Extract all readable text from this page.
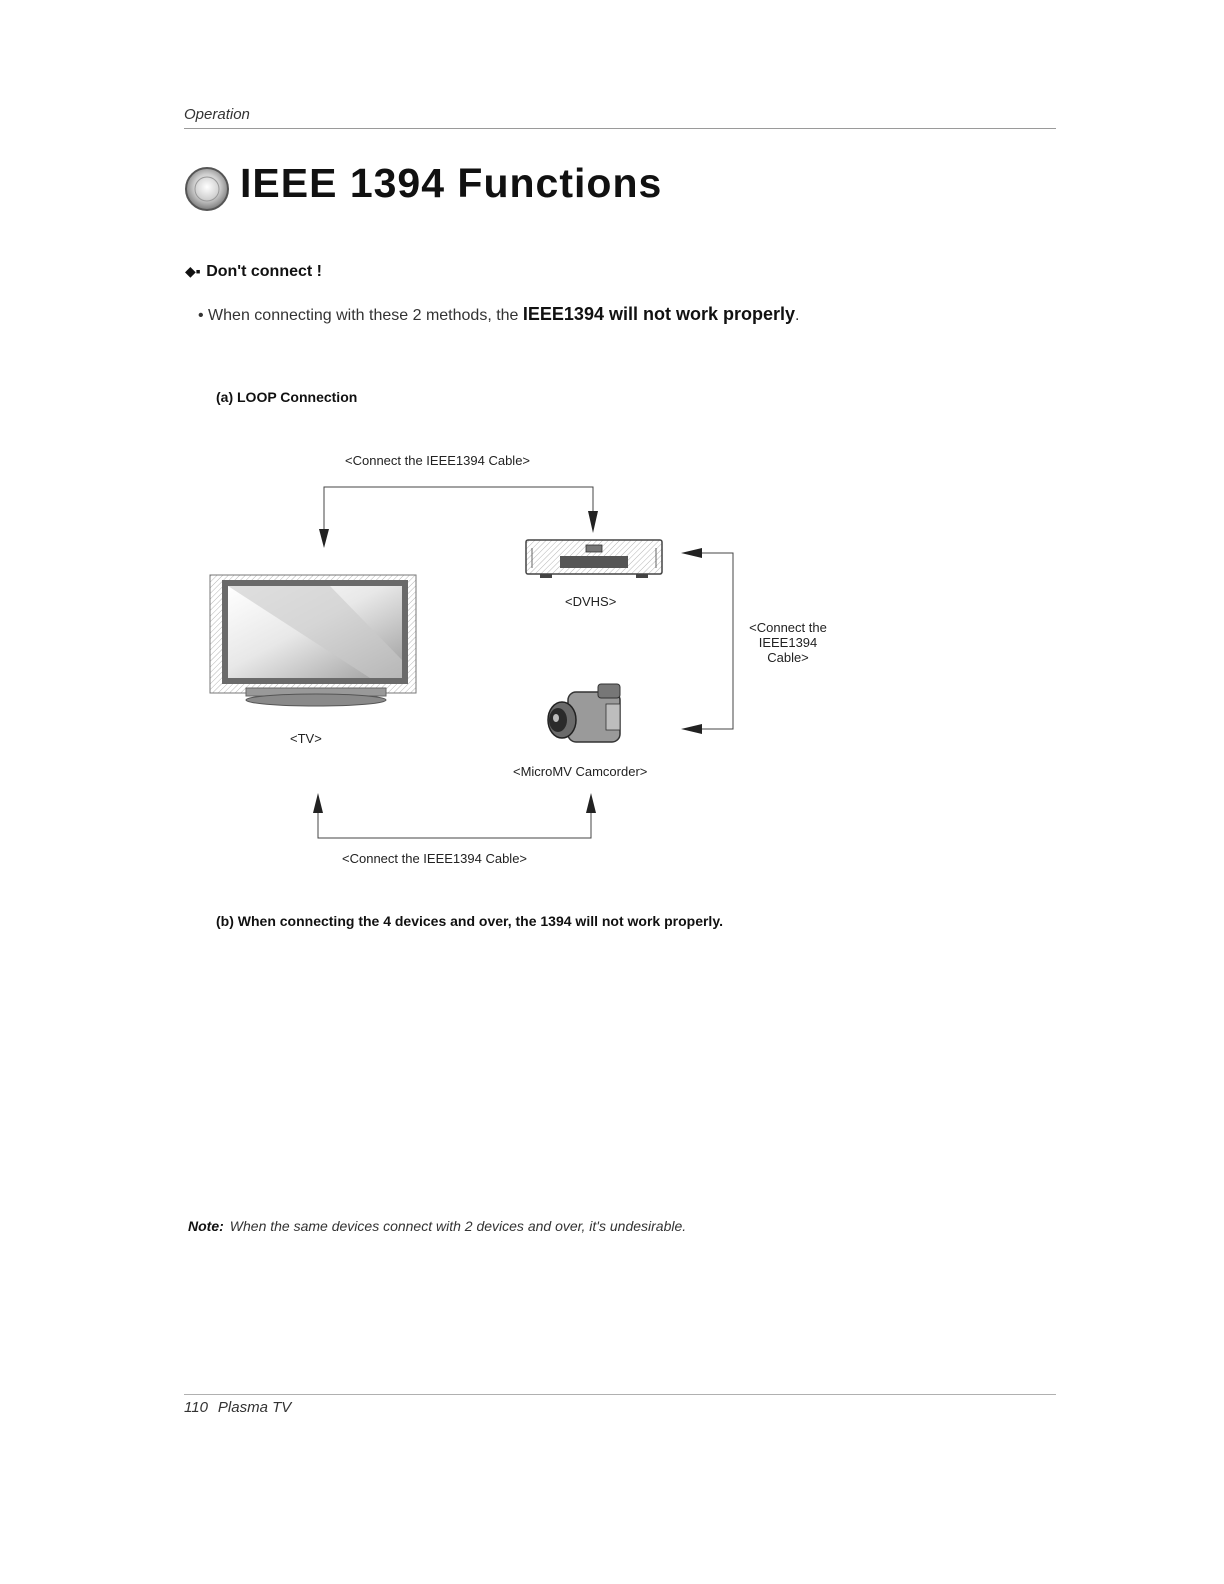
Operation
IEEE 1394 Functions
◆▪ Don't connect !
• When connecting with these 2 methods, the IEEE1394 will not work properly.
(a) LOOP Connection
<Connect the IEEE1394 Cable>
<DVHS>
<Connect the IEEE1394 Cable>
<TV>
<MicroMV Camcorder>
<Connect the IEEE1394 Cable>
(b) When connecting the 4 devices and over, the 1394 will not work properly.
Note: When the same devices connect with 2 devices and over, it's undesirable.
110 Plasma TV
